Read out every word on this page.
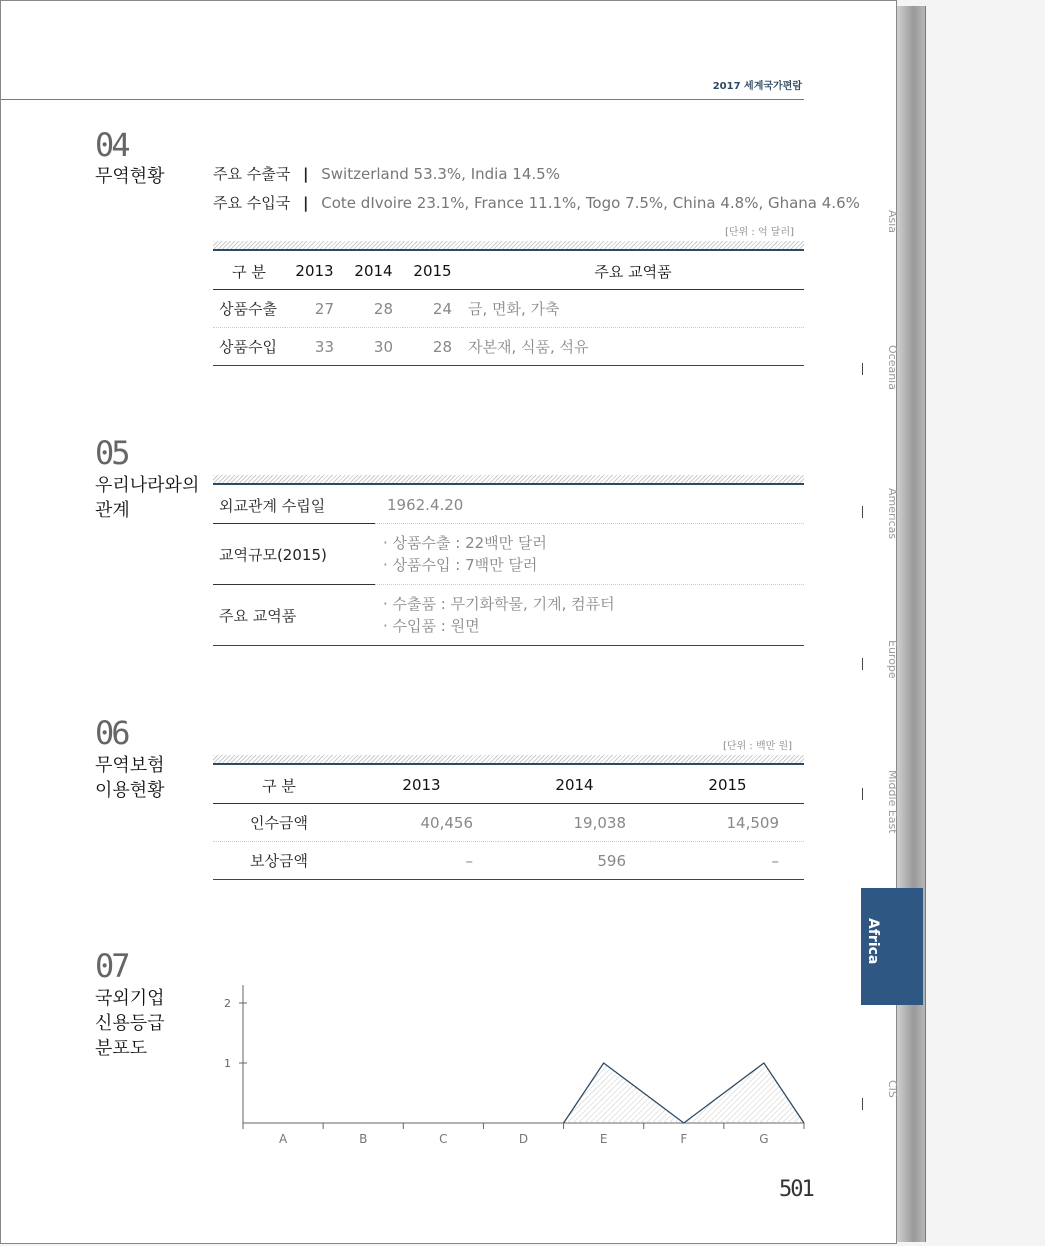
2017 세계국가편람
04
무역현황	주요 수출국 | Switzerland 53.3%, India 14.5%
주요 수입국 | Cote dIvoire 23.1%, France 11.1%, Togo 7.5%, China 4.8%, Ghana 4.6%
[단위 : 억 달러]
구 분	2013	2014	2015	주요 교역품
상품수출	27	28	24	금, 면화, 가축
상품수입	33	30	28	자본재, 식품, 석유
05
우리나라와의
관계	외교관계 수립일	1962.4.20

교역규모(2015)	· 상품수출 : 22백만 달러
· 상품수입 : 7백만 달러

주요 교역품	· 수출품 : 무기화학물, 기계, 컴퓨터
· 수입품 : 원면
06
무역보험
이용현황
[단위 : 백만 원]
구 분	2013	2014	2015
인수금액	40,456	19,038	14,509
보상금액	–	596	–
07
국외기업
신용등급
분포도
1
2
A	B	C	D	E	F	G
501
Asia
Oceania
Americas
Europe
Middle East
Africa
CIS
